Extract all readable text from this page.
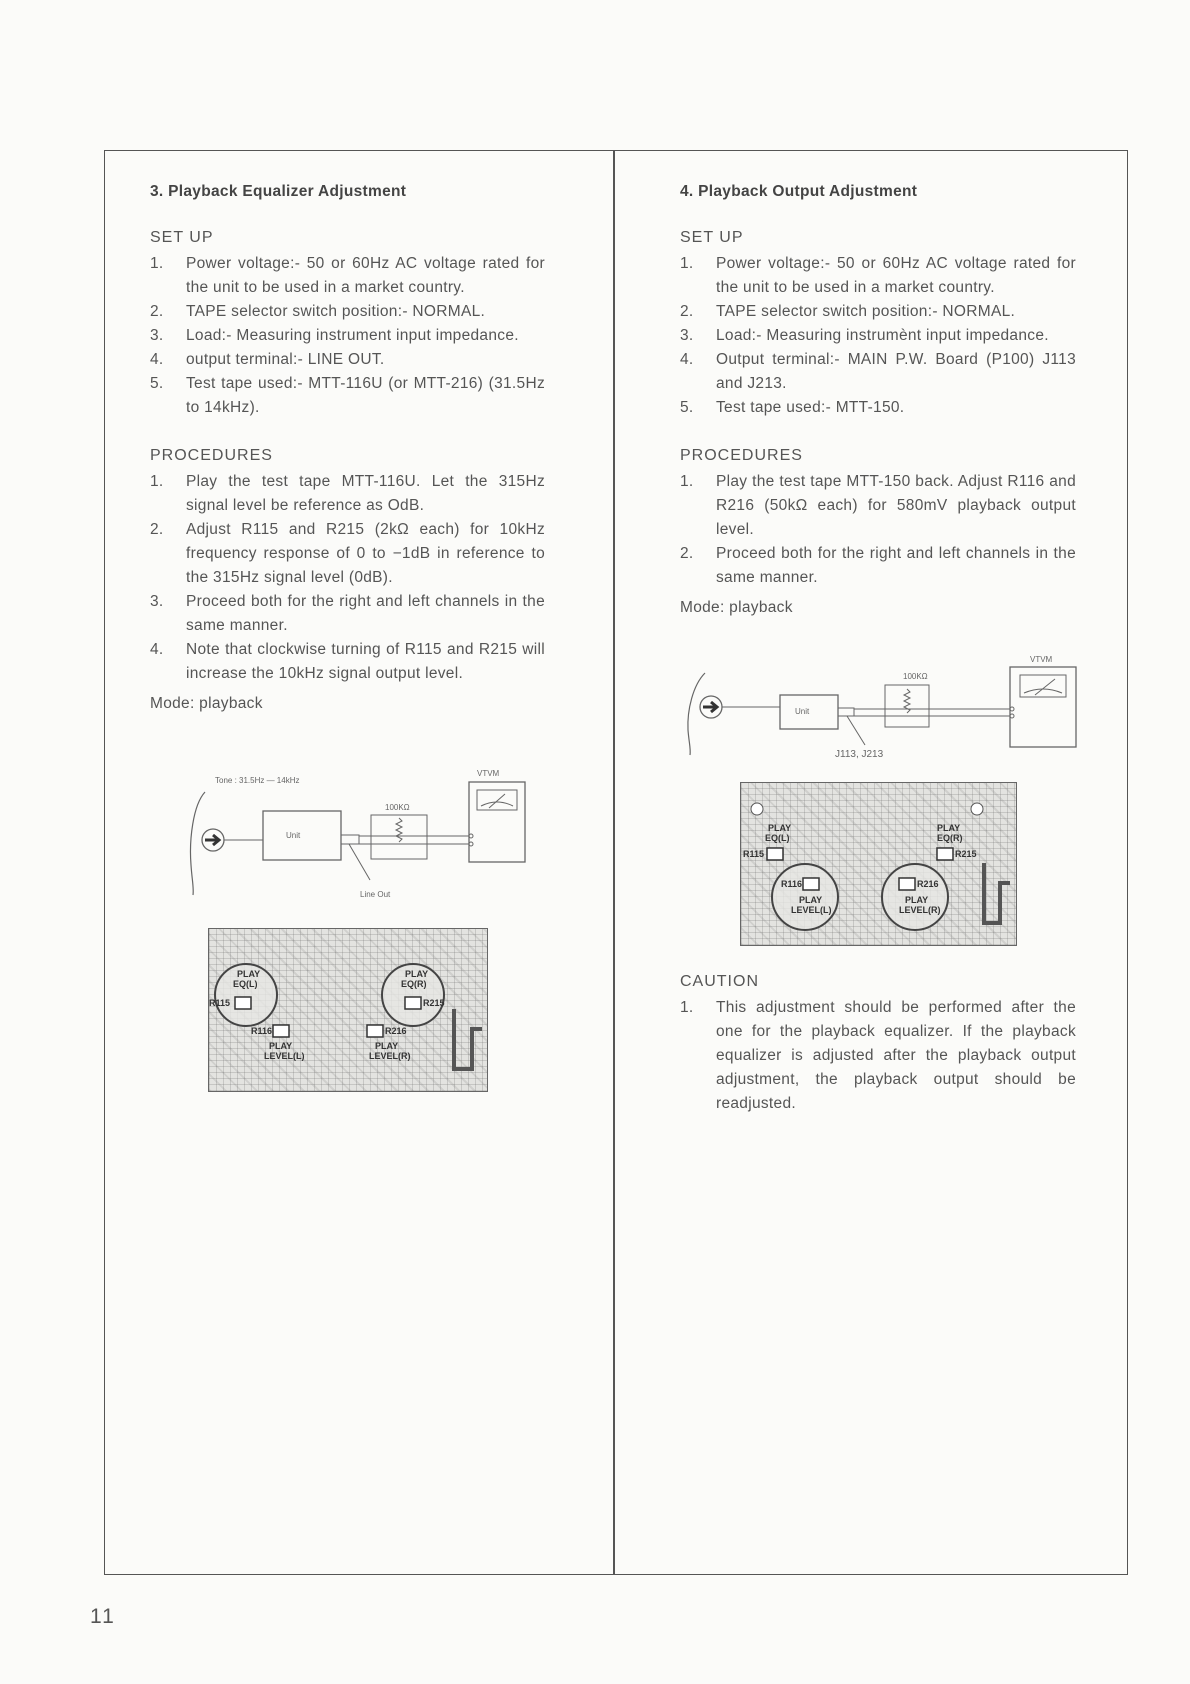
3. Playback Equalizer Adjustment
SET UP
1.	Power voltage:- 50 or 60Hz AC voltage rated for the unit to be used in a market country.
2.	TAPE selector switch position:- NORMAL.
3.	Load:- Measuring instrument input impedance.
4.	output terminal:- LINE OUT.
5.	Test tape used:- MTT-116U (or MTT-216) (31.5Hz to 14kHz).
PROCEDURES
1.	Play the test tape MTT-116U. Let the 315Hz signal level be reference as OdB.
2.	Adjust R115 and R215 (2kΩ each) for 10kHz frequency response of 0 to −1dB in reference to the 315Hz signal level (0dB).
3.	Proceed both for the right and left channels in the same manner.
4.	Note that clockwise turning of R115 and R215 will increase the 10kHz signal output level.
Mode: playback
Tone : 31.5Hz — 14kHz
VTVM
Unit
100KΩ
Line Out
PLAY
EQ(L)
R115
PLAY
EQ(R)
R215
R116
PLAY
LEVEL(L)
R216
PLAY
LEVEL(R)
4. Playback Output Adjustment
SET UP
1.	Power voltage:- 50 or 60Hz AC voltage rated for the unit to be used in a market country.
2.	TAPE selector switch position:- NORMAL.
3.	Load:- Measuring instrumènt input impedance.
4.	Output terminal:- MAIN P.W. Board (P100) J113 and J213.
5.	Test tape used:- MTT-150.
PROCEDURES
1.	Play the test tape MTT-150 back. Adjust R116 and R216 (50kΩ each) for 580mV playback output level.
2.	Proceed both for the right and left channels in the same manner.
Mode: playback
VTVM
Unit
100KΩ
J113, J213
PLAY
EQ(L)
R115
PLAY
EQ(R)
R215
R116
PLAY
LEVEL(L)
R216
PLAY
LEVEL(R)
CAUTION
1.	This adjustment should be performed after the one for the playback equalizer. If the playback equalizer is adjusted after the playback output adjustment, the playback output should be readjusted.
11
